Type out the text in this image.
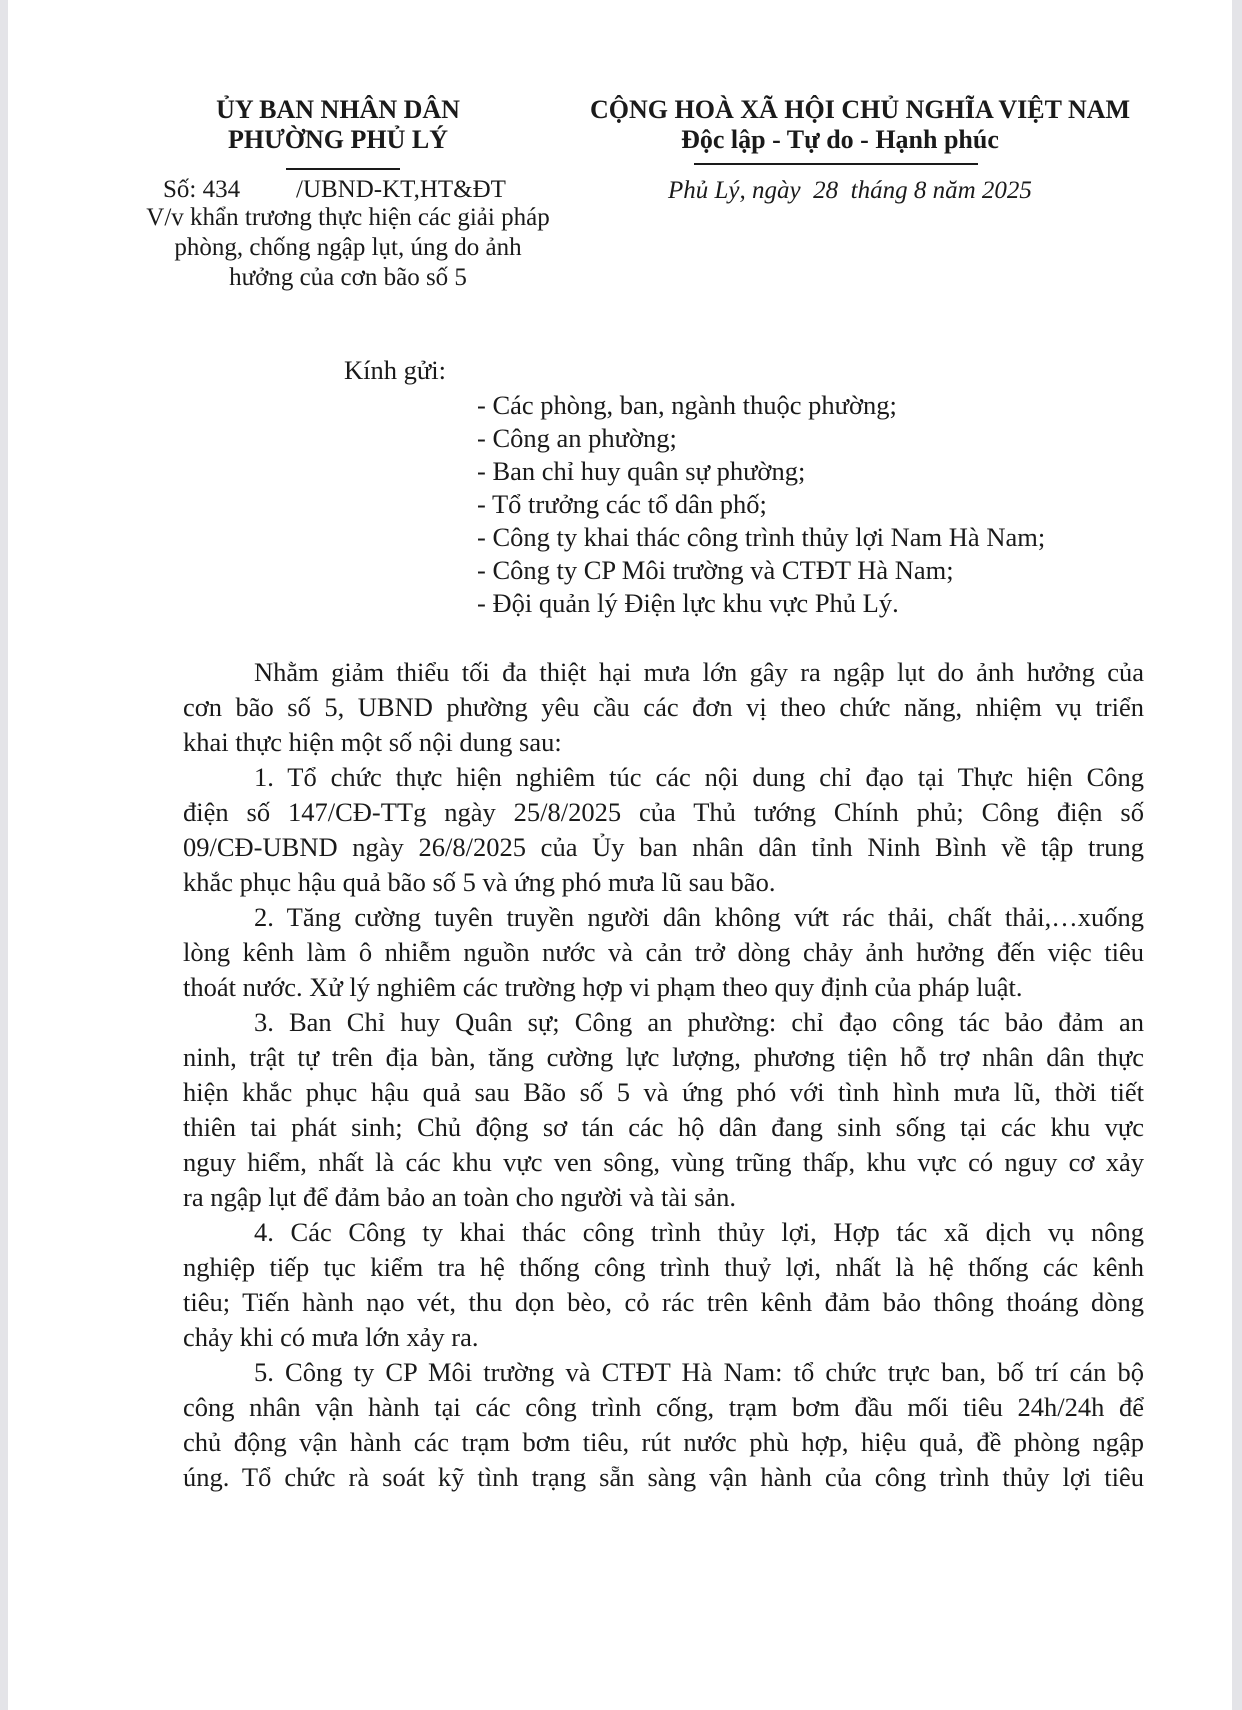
ỦY BAN NHÂN DÂN
PHƯỜNG PHỦ LÝ
CỘNG HOÀ XÃ HỘI CHỦ NGHĨA VIỆT NAM
Độc lập - Tự do - Hạnh phúc
Số: 434 /UBND-KT,HT&ĐT	Phủ Lý, ngày  28  tháng 8 năm 2025
V/v khẩn trương thực hiện các giải pháp
phòng, chống ngập lụt, úng do ảnh
hưởng của cơn bão số 5
Kính gửi:
- Các phòng, ban, ngành thuộc phường;
- Công an phường;
- Ban chỉ huy quân sự phường;
- Tổ trưởng các tổ dân phố;
- Công ty khai thác công trình thủy lợi Nam Hà Nam;
- Công ty CP Môi trường và CTĐT Hà Nam;
- Đội quản lý Điện lực khu vực Phủ Lý.
Nhằm giảm thiểu tối đa thiệt hại mưa lớn gây ra ngập lụt do ảnh hưởng của
cơn bão số 5, UBND phường yêu cầu các đơn vị theo chức năng, nhiệm vụ triển
khai thực hiện một số nội dung sau:
1. Tổ chức thực hiện nghiêm túc các nội dung chỉ đạo tại Thực hiện Công
điện số 147/CĐ-TTg ngày 25/8/2025 của Thủ tướng Chính phủ; Công điện số
09/CĐ-UBND ngày 26/8/2025 của Ủy ban nhân dân tỉnh Ninh Bình về tập trung
khắc phục hậu quả bão số 5 và ứng phó mưa lũ sau bão.
2. Tăng cường tuyên truyền người dân không vứt rác thải, chất thải,…xuống
lòng kênh làm ô nhiễm nguồn nước và cản trở dòng chảy ảnh hưởng đến việc tiêu
thoát nước. Xử lý nghiêm các trường hợp vi phạm theo quy định của pháp luật.
3. Ban Chỉ huy Quân sự; Công an phường: chỉ đạo công tác bảo đảm an
ninh, trật tự trên địa bàn, tăng cường lực lượng, phương tiện hỗ trợ nhân dân thực
hiện khắc phục hậu quả sau Bão số 5 và ứng phó với tình hình mưa lũ, thời tiết
thiên tai phát sinh; Chủ động sơ tán các hộ dân đang sinh sống tại các khu vực
nguy hiểm, nhất là các khu vực ven sông, vùng trũng thấp, khu vực có nguy cơ xảy
ra ngập lụt để đảm bảo an toàn cho người và tài sản.
4. Các Công ty khai thác công trình thủy lợi, Hợp tác xã dịch vụ nông
nghiệp tiếp tục kiểm tra hệ thống công trình thuỷ lợi, nhất là hệ thống các kênh
tiêu; Tiến hành nạo vét, thu dọn bèo, cỏ rác trên kênh đảm bảo thông thoáng dòng
chảy khi có mưa lớn xảy ra.
5. Công ty CP Môi trường và CTĐT Hà Nam: tổ chức trực ban, bố trí cán bộ
công nhân vận hành tại các công trình cống, trạm bơm đầu mối tiêu 24h/24h để
chủ động vận hành các trạm bơm tiêu, rút nước phù hợp, hiệu quả, đề phòng ngập
úng. Tổ chức rà soát kỹ tình trạng sẵn sàng vận hành của công trình thủy lợi tiêu
